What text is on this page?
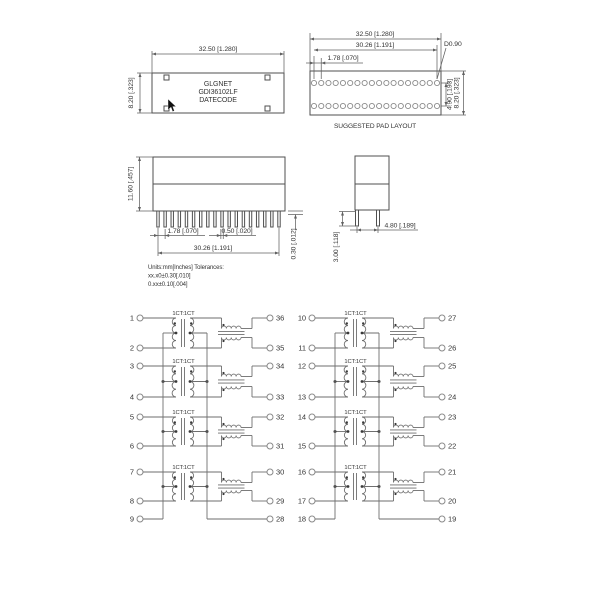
GLGNET
GDI36102LF
DATECODE
32.50 [1.280]
8.20 [.323]
32.50 [1.280]
30.26 [1.191]
1.78 [.070]
D0.90
4.90 [.193] 8.20 [.323]
SUGGESTED PAD LAYOUT
11.60 [.457]
1.78 [.070]	0.50 [.020]
30.26 [1.191]	0.30 [.012]
Units:mm[Inches] Tolerances:
xx.x0±0.30[.010]
0.xx±0.10[.004]
4.80 [.189]
3.00 [.118]
1	36
2	35
3	34
4	33
5	32
6	31
7	30
8	29
9	28
1CT:1CT
1CT:1CT
1CT:1CT
1CT:1CT
10	27
11	26
12	25
13	24
14	23
15	22
16	21
17	20
18	19
1CT:1CT
1CT:1CT
1CT:1CT
1CT:1CT
